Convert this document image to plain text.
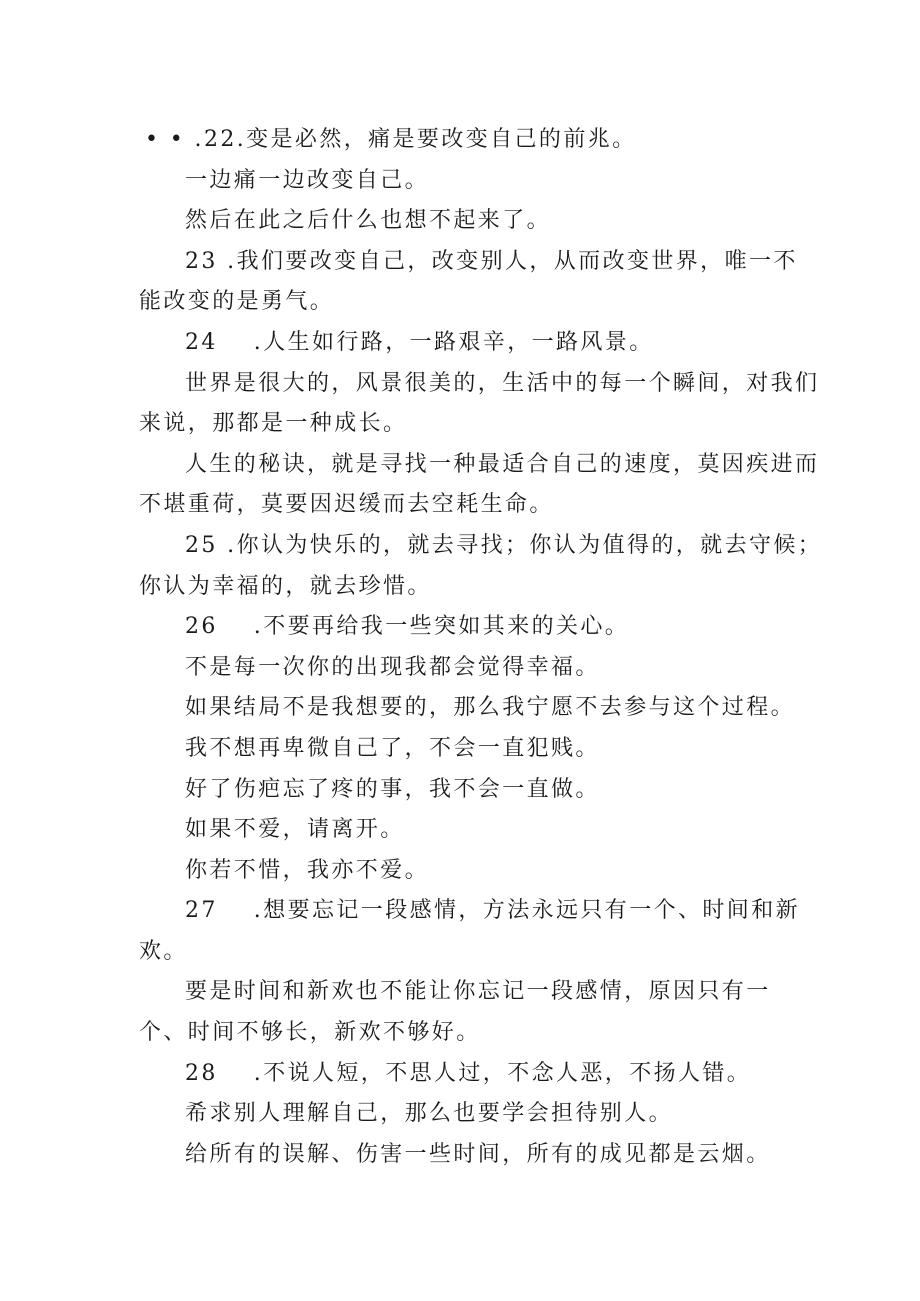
• • .22.变是必然，痛是要改变自己的前兆。
一边痛一边改变自己。
然后在此之后什么也想不起来了。
23 .我们要改变自己，改变别人，从而改变世界，唯一不
能改变的是勇气。
24 .人生如行路，一路艰辛，一路风景。
世界是很大的，风景很美的，生活中的每一个瞬间，对我们
来说，那都是一种成长。
人生的秘诀，就是寻找一种最适合自己的速度，莫因疾进而
不堪重荷，莫要因迟缓而去空耗生命。
25 .你认为快乐的，就去寻找；你认为值得的，就去守候；
你认为幸福的，就去珍惜。
26 .不要再给我一些突如其来的关心。
不是每一次你的出现我都会觉得幸福。
如果结局不是我想要的，那么我宁愿不去参与这个过程。
我不想再卑微自己了，不会一直犯贱。
好了伤疤忘了疼的事，我不会一直做。
如果不爱，请离开。
你若不惜，我亦不爱。
27 .想要忘记一段感情，方法永远只有一个、时间和新
欢。
要是时间和新欢也不能让你忘记一段感情，原因只有一
个、时间不够长，新欢不够好。
28 .不说人短，不思人过，不念人恶，不扬人错。
希求别人理解自己，那么也要学会担待别人。
给所有的误解、伤害一些时间，所有的成见都是云烟。
